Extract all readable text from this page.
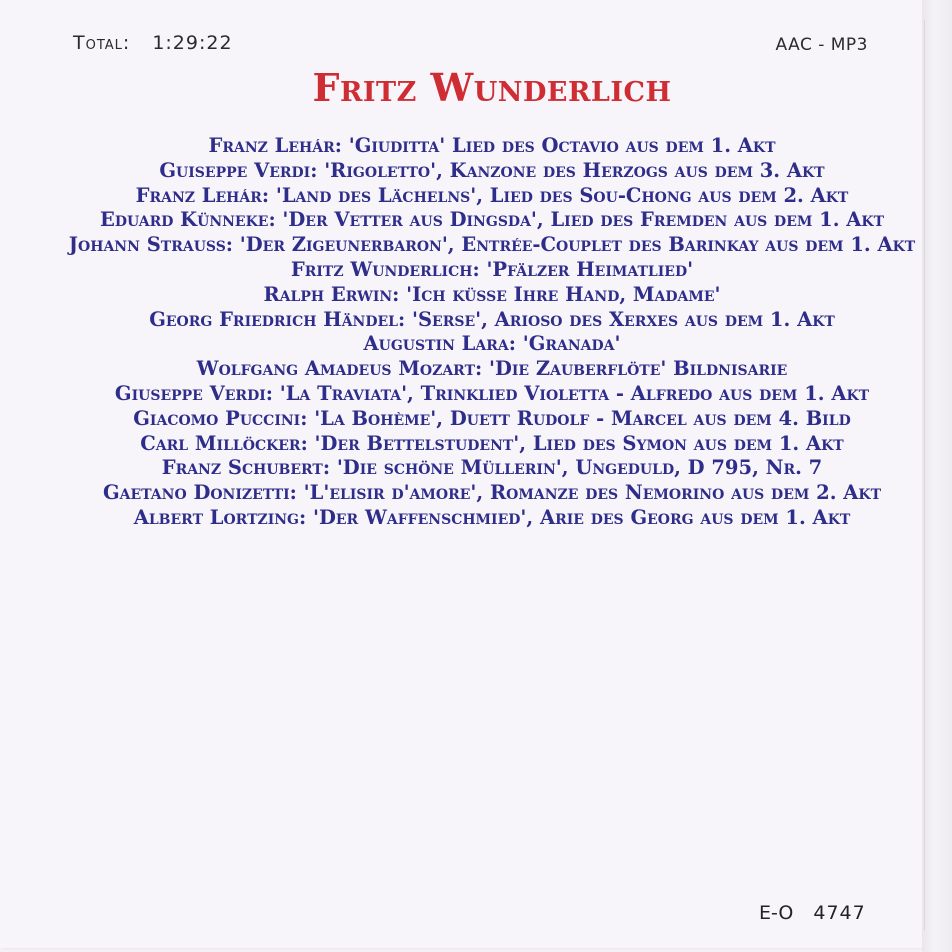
Total: 1:29:22	AAC - MP3
Fritz Wunderlich
Franz Lehár: 'Giuditta' Lied des Octavio aus dem 1. Akt
Guiseppe Verdi: 'Rigoletto', Kanzone des Herzogs aus dem 3. Akt
Franz Lehár: 'Land des Lächelns', Lied des Sou-Chong aus dem 2. Akt
Eduard Künneke: 'Der Vetter aus Dingsda', Lied des Fremden aus dem 1. Akt
Johann Strauss: 'Der Zigeunerbaron', Entrée-Couplet des Barinkay aus dem 1. Akt
Fritz Wunderlich: 'Pfälzer Heimatlied'
Ralph Erwin: 'Ich küsse Ihre Hand, Madame'
Georg Friedrich Händel: 'Serse', Arioso des Xerxes aus dem 1. Akt
Augustin Lara: 'Granada'
Wolfgang Amadeus Mozart: 'Die Zauberflöte' Bildnisarie
Giuseppe Verdi: 'La Traviata', Trinklied Violetta - Alfredo aus dem 1. Akt
Giacomo Puccini: 'La Bohème', Duett Rudolf - Marcel aus dem 4. Bild
Carl Millöcker: 'Der Bettelstudent', Lied des Symon aus dem 1. Akt
Franz Schubert: 'Die schöne Müllerin', Ungeduld, D 795, Nr. 7
Gaetano Donizetti: 'L'elisir d'amore', Romanze des Nemorino aus dem 2. Akt
Albert Lortzing: 'Der Waffenschmied', Arie des Georg aus dem 1. Akt
E-O 4747
